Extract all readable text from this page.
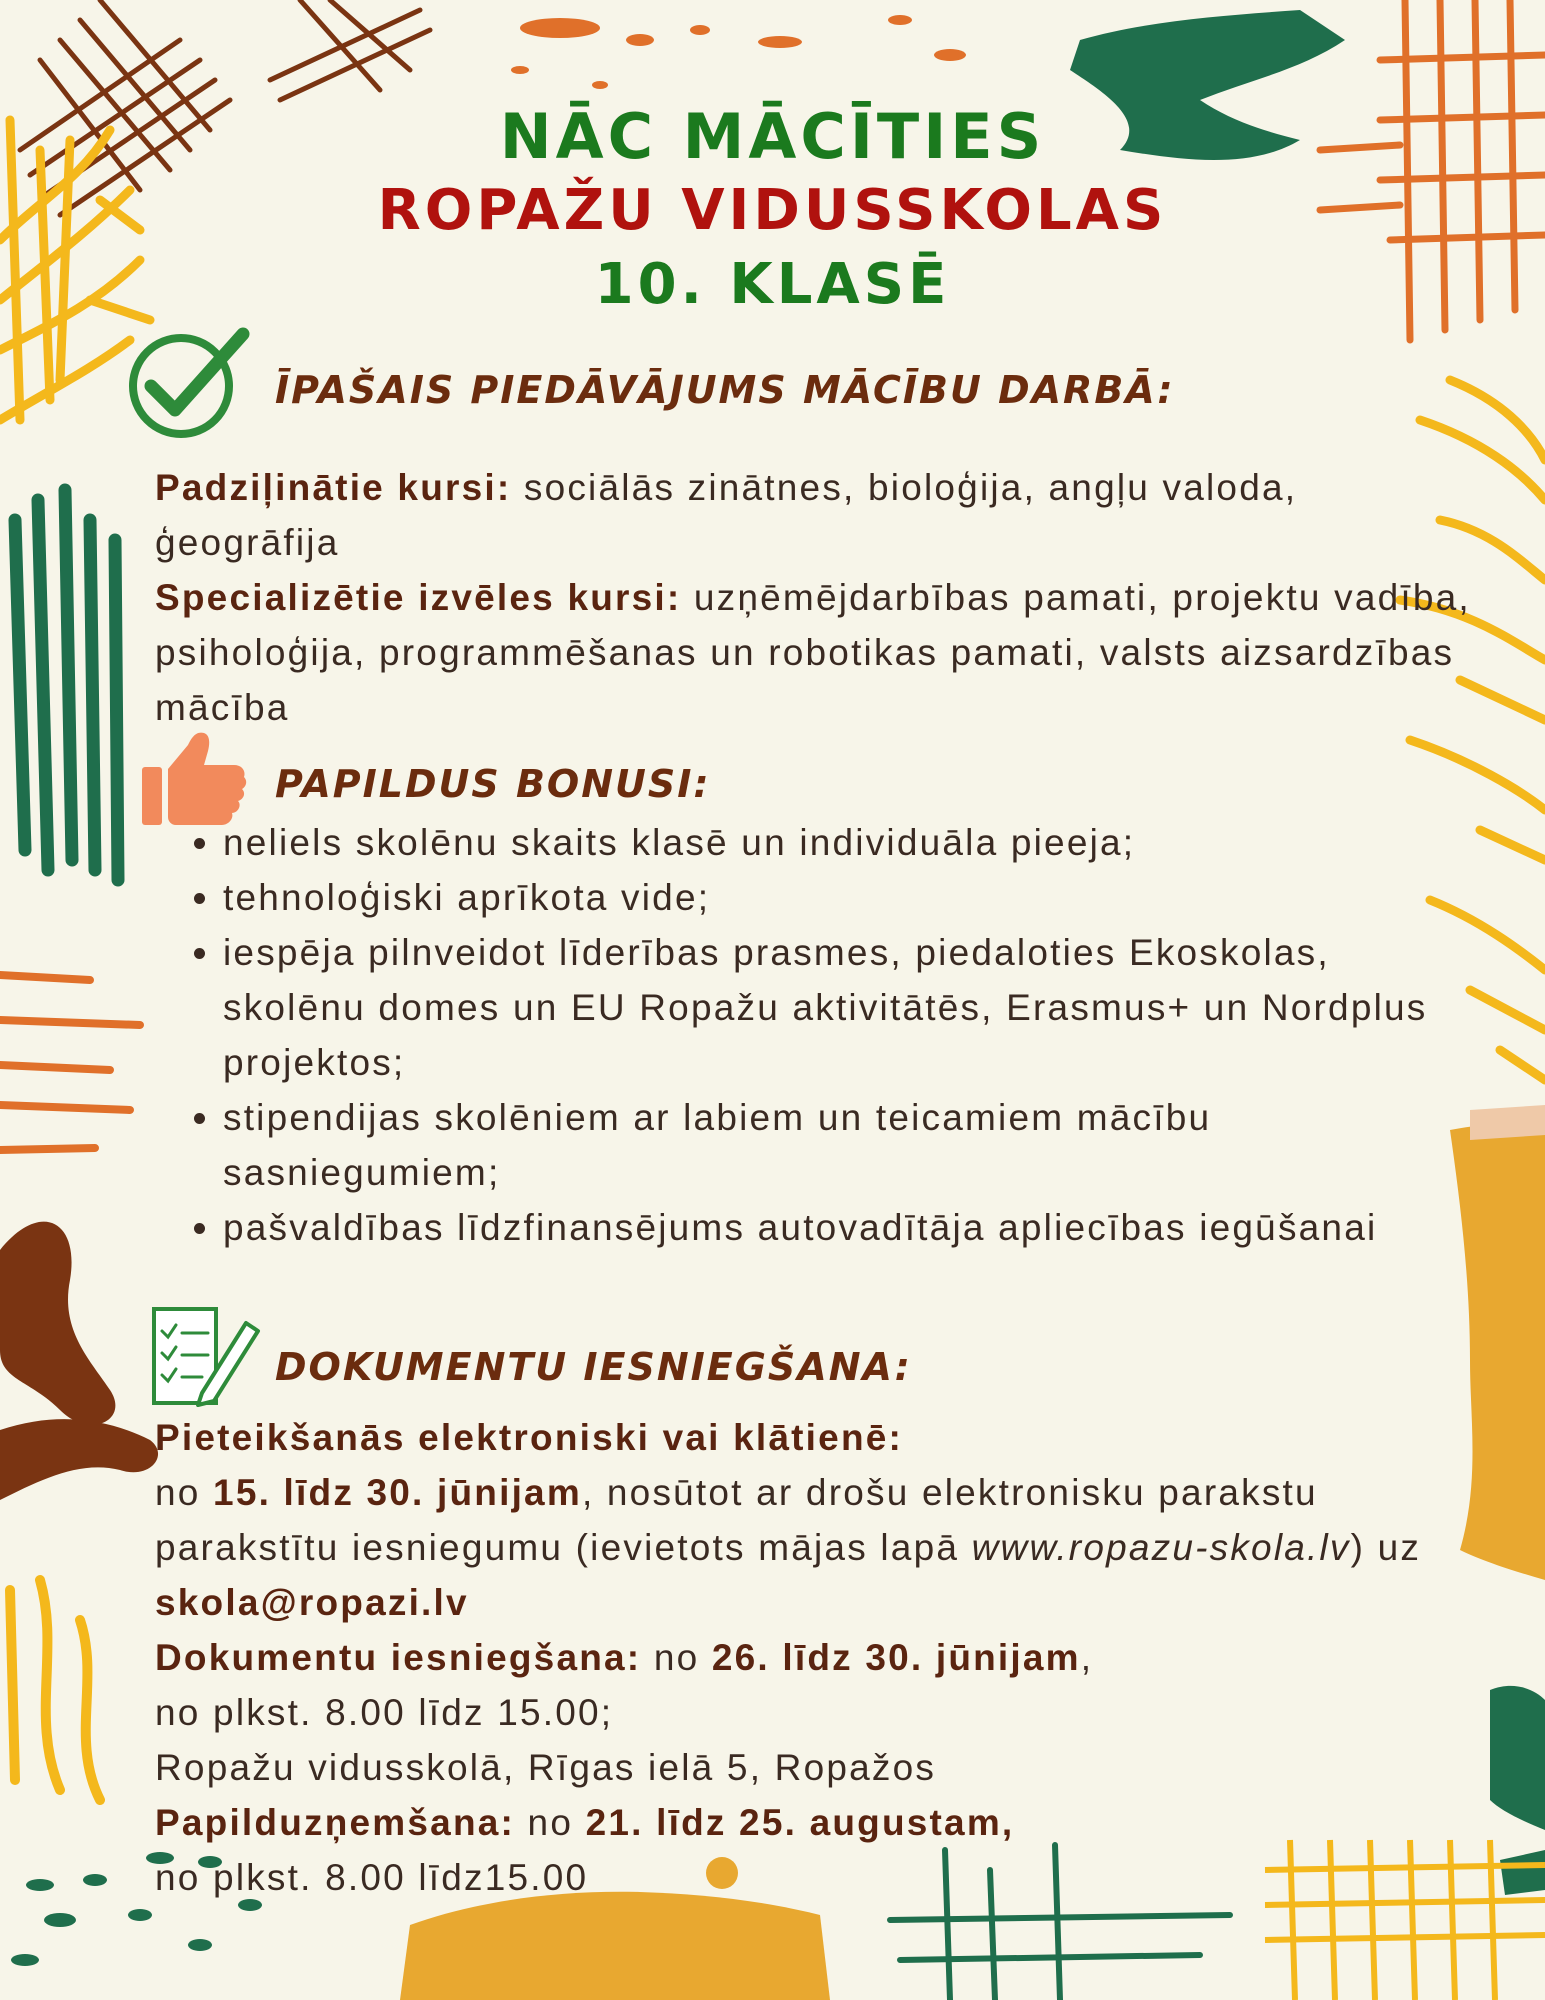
NĀC MĀCĪTIES
ROPAŽU VIDUSSKOLAS
10. KLASĒ
ĪPAŠAIS PIEDĀVĀJUMS MĀCĪBU DARBĀ:

Padziļinātie kursi: sociālās zinātnes, bioloģija, angļu valoda, ģeogrāfija
Specializētie izvēles kursi: uzņēmējdarbības pamati, projektu vadība, psiholoģija, programmēšanas un robotikas pamati, valsts aizsardzības mācība

PAPILDUS BONUSI:
• neliels skolēnu skaits klasē un individuāla pieeja;
• tehnoloģiski aprīkota vide;
• iespēja pilnveidot līderības prasmes, piedaloties Ekoskolas, skolēnu domes un EU Ropažu aktivitātēs, Erasmus+ un Nordplus projektos;
• stipendijas skolēniem ar labiem un teicamiem mācību sasniegumiem;
• pašvaldības līdzfinansējums autovadītāja apliecības iegūšanai
DOKUMENTU IESNIEGŠANA:

Pieteikšanās elektroniski vai klātienē:
no 15. līdz 30. jūnijam, nosūtot ar drošu elektronisku parakstu parakstītu iesniegumu (ievietots mājas lapā www.ropazu-skola.lv) uz skola@ropazi.lv
Dokumentu iesniegšana: no 26. līdz 30. jūnijam,
no plkst. 8.00 līdz 15.00;
Ropažu vidusskolā, Rīgas ielā 5, Ropažos
Papilduzņemšana: no 21. līdz 25. augustam,
no plkst. 8.00 līdz15.00
